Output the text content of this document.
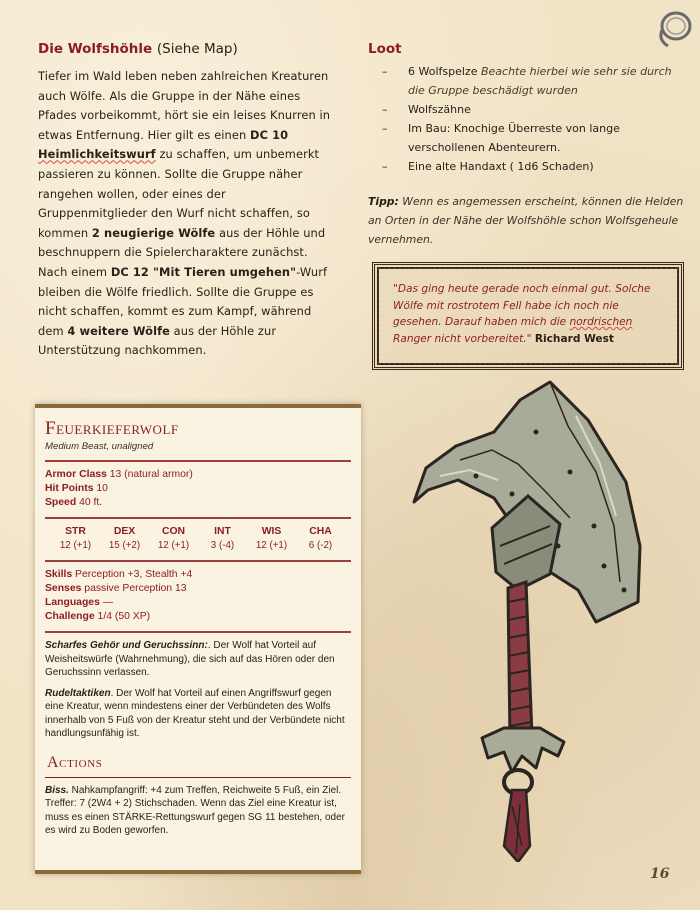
Die Wolfshöhle (Siehe Map)
Tiefer im Wald leben neben zahlreichen Kreaturen auch Wölfe. Als die Gruppe in der Nähe eines Pfades vorbeikommt, hört sie ein leises Knurren in etwas Entfernung. Hier gilt es einen DC 10 Heimlichkeitswurf zu schaffen, um unbemerkt passieren zu können. Sollte die Gruppe näher rangehen wollen, oder eines der Gruppenmitglieder den Wurf nicht schaffen, so kommen 2 neugierige Wölfe aus der Höhle und beschnuppern die Spielercharaktere zunächst. Nach einem DC 12 "Mit Tieren umgehen"-Wurf bleiben die Wölfe friedlich. Sollte die Gruppe es nicht schaffen, kommt es zum Kampf, während dem 4 weitere Wölfe aus der Höhle zur Unterstützung nachkommen.
Loot
– 6 Wolfspelze Beachte hierbei wie sehr sie durch die Gruppe beschädigt wurden
– Wolfszähne
– Im Bau: Knochige Überreste von lange verschollenen Abenteurern.
– Eine alte Handaxt ( 1d6 Schaden)
Tipp: Wenn es angemessen erscheint, können die Helden an Orten in der Nähe der Wolfshöhle schon Wolfsgeheule vernehmen.
"Das ging heute gerade noch einmal gut. Solche Wölfe mit rostrotem Fell habe ich noch nie gesehen. Darauf haben mich die nordrischen Ranger nicht vorbereitet." Richard West
Feuerkieferwolf
Medium Beast, unaligned
Armor Class 13 (natural armor)
Hit Points 10
Speed 40 ft.
STR
12 (+1)
DEX
15 (+2)
CON
12 (+1)
INT
3 (-4)
WIS
12 (+1)
CHA
6 (-2)
Skills Perception +3, Stealth +4
Senses passive Perception 13
Languages —
Challenge 1/4 (50 XP)
Scharfes Gehör und Geruchssinn:. Der Wolf hat Vorteil auf Weisheitswürfe (Wahrnehmung), die sich auf das Hören oder den Geruchssinn verlassen.
Rudeltaktiken. Der Wolf hat Vorteil auf einen Angriffswurf gegen eine Kreatur, wenn mindestens einer der Verbündeten des Wolfs innerhalb von 5 Fuß von der Kreatur steht und der Verbündete nicht handlungsunfähig ist.
Actions
Biss. Nahkampfangriff: +4 zum Treffen, Reichweite 5 Fuß, ein Ziel. Treffer: 7 (2W4 + 2) Stichschaden. Wenn das Ziel eine Kreatur ist, muss es einen STÄRKE-Rettungswurf gegen SG 11 bestehen, oder es wird zu Boden geworfen.
16
